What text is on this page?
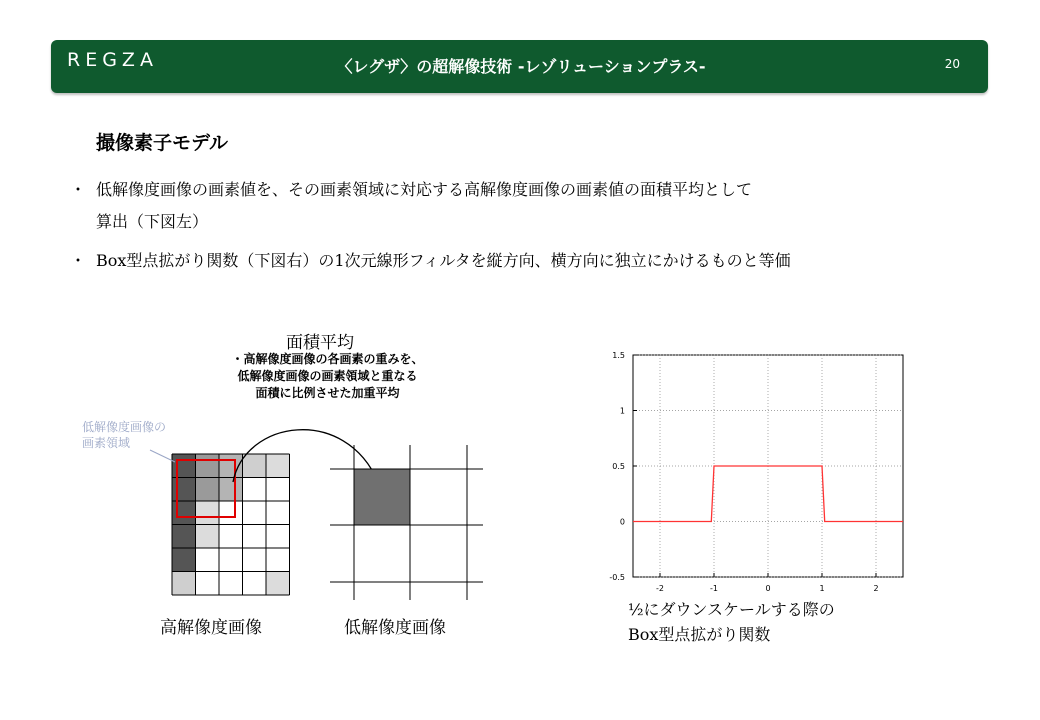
REGZA	〈レグザ〉の超解像技術 -レゾリューションプラス-	20
撮像素子モデル
・ 低解像度画像の画素値を、その画素領域に対応する高解像度画像の画素値の面積平均として
算出（下図左）
・ Box型点拡がり関数（下図右）の1次元線形フィルタを縦方向、横方向に独立にかけるものと等価
面積平均
・高解像度画像の各画素の重みを、
低解像度画像の画素領域と重なる
面積に比例させた加重平均
低解像度画像の
画素領域
高解像度画像	低解像度画像
-2	-1	0	1	2
-0.5
0
0.5
1
1.5
½にダウンスケールする際の
Box型点拡がり関数
